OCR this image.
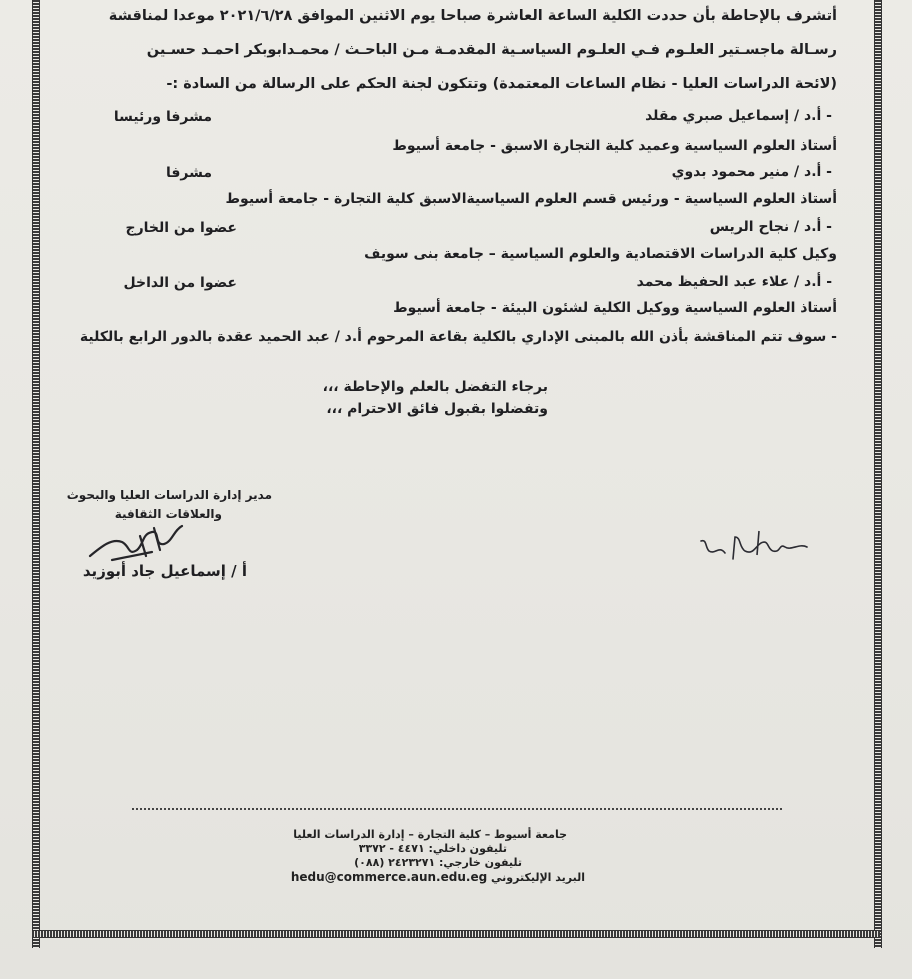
أتشرف بالإحاطة بأن حددت الكلية الساعة العاشرة صباحا يوم الاثنين الموافق ٢٠٢١/٦/٢٨ موعدا لمناقشة
رسـالة ماجسـتير العلـوم فـي العلـوم السياسـية المقدمـة مـن الباحـث / محمـدابوبكر احمـد حسـين
(لائحة الدراسات العليا - نظام الساعات المعتمدة) وتتكون لجنة الحكم على الرسالة من السادة :-
- أ.د / إسماعيل صبري مقلد
مشرفا ورئيسا
أستاذ العلوم السياسية وعميد كلية التجارة الاسبق - جامعة أسيوط
- أ.د / منير محمود بدوي
مشرفا
أستاذ العلوم السياسية - ورئيس قسم العلوم السياسيةالاسبق كلية التجارة - جامعة أسيوط
- أ.د / نجاح الريس
عضوا من الخارج
وكيل كلية الدراسات الاقتصادية والعلوم السياسية – جامعة بنى سويف
- أ.د / علاء عبد الحفيظ محمد
عضوا من الداخل
أستاذ العلوم السياسية ووكيل الكلية لشئون البيئة - جامعة أسيوط
- سوف تتم المناقشة بأذن الله بالمبنى الإداري بالكلية بقاعة المرحوم أ.د / عبد الحميد عقدة بالدور الرابع بالكلية
برجاء التفضل بالعلم والإحاطة ،،،
وتفضلوا بقبول فائق الاحترام ،،،
مدير إدارة الدراسات العليا والبحوث
والعلاقات الثقافية
أ / إسماعيل جاد أبوزيد
جامعة أسيوط – كلية التجارة – إدارة الدراسات العليا
تليفون داخلي: ٤٤٧١ - ٣٣٧٢
تليفون خارجي: ٢٤٢٣٢٧١ (٠٨٨)
البريد الإليكتروني hedu@commerce.aun.edu.eg
